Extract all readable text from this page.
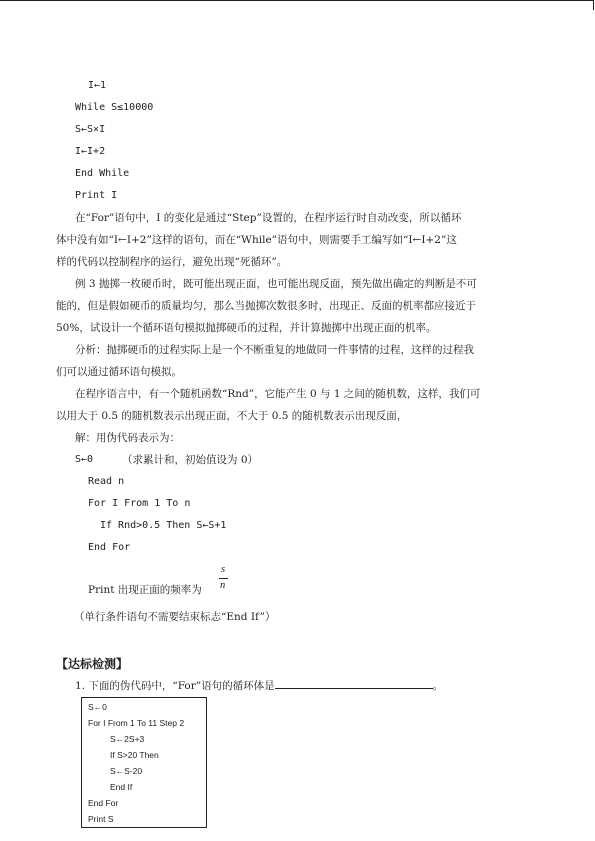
I←1
While S≤10000
S←S×I
I←I+2
End While
Print I
在“For”语句中，I 的变化是通过“Step”设置的，在程序运行时自动改变，所以循环
体中没有如“I←I+2”这样的语句，而在“While”语句中，则需要手工编写如“I←I+2”这
样的代码以控制程序的运行，避免出现“死循环”。
例 3 抛掷一枚硬币时，既可能出现正面，也可能出现反面，预先做出确定的判断是不可
能的，但是假如硬币的质量均匀，那么当抛掷次数很多时，出现正、反面的机率都应接近于
50%，试设计一个循环语句模拟抛掷硬币的过程，并计算抛掷中出现正面的机率。
分析：抛掷硬币的过程实际上是一个不断重复的地做同一件事情的过程，这样的过程我
们可以通过循环语句模拟。
在程序语言中，有一个随机函数“Rnd”，它能产生 0 与 1 之间的随机数，这样，我们可
以用大于 0.5 的随机数表示出现正面，不大于 0.5 的随机数表示出现反面，
解：用伪代码表示为：
S←0	（求累计和，初始值设为 0）
Read n
For I From 1 To n
If Rnd>0.5 Then S←S+1
End For
Print 出现正面的频率为
s
n
（单行条件语句不需要结束标志“End If”）
【达标检测】
1. 下面的伪代码中，“For”语句的循环体是	。
S←0
For I From 1 To 11 Step 2
S←2S+3
If S>20 Then
S←S-20
End If
End For
Print S
